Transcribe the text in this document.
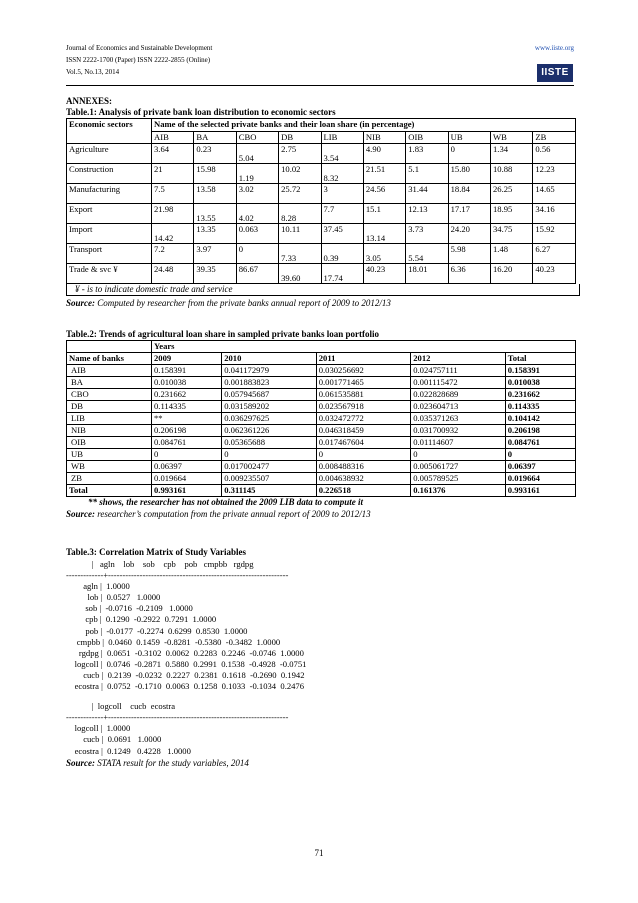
Journal of Economics and Sustainable Development
ISSN 2222-1700 (Paper) ISSN 2222-2855 (Online)
Vol.5, No.13, 2014
www.iiste.org
IISTE
ANNEXES:
Table.1: Analysis of private bank loan distribution to economic sectors
Economic sectors	Name of the selected private banks and their loan share (in percentage)									
	AIB	BA	CBO	DB	LIB	NIB	OIB	UB	WB	ZB
Agriculture	3.64	0.23	5.04	2.75	3.54	4.90	1.83	0	1.34	0.56
Construction	21	15.98	1.19	10.02	8.32	21.51	5.1	15.80	10.88	12.23
Manufacturing	7.5	13.58	3.02	25.72	3	24.56	31.44	18.84	26.25	14.65
Export	21.98	13.55	4.02	8.28	7.7	15.1	12.13	17.17	18.95	34.16
Import	14.42	13.35	0.063	10.11	37.45	13.14	3.73	24.20	34.75	15.92
Transport	7.2	3.97	0	7.33	0.39	3.05	5.54	5.98	1.48	6.27
Trade & svc ¥	24.48	39.35	86.67	39.60	17.74	40.23	18.01	6.36	16.20	40.23
¥ - is to indicate domestic trade and service
Source: Computed by researcher from the private banks annual report of 2009 to 2012/13
Table.2: Trends of agricultural loan share in sampled private banks loan portfolio
	Years				
Name of banks	2009	2010	2011	2012	Total
AIB	0.158391	0.041172979	0.030256692	0.024757111	0.158391
BA	0.010038	0.001883823	0.001771465	0.001115472	0.010038
CBO	0.231662	0.057945687	0.061535881	0.022828689	0.231662
DB	0.114335	0.031589202	0.023567918	0.023604713	0.114335
LIB	**	0.036297625	0.032472772	0.035371263	0.104142
NIB	0.206198	0.062361226	0.046318459	0.031700932	0.206198
OIB	0.084761	0.05365688	0.017467604	0.01114607	0.084761
UB	0	0	0	0	0
WB	0.06397	0.017002477	0.008488316	0.005061727	0.06397
ZB	0.019664	0.009235507	0.004638932	0.005789525	0.019664
Total	0.993161	0.311145	0.226518	0.161376	0.993161
** shows, the researcher has not obtained the 2009 LIB data to compute it
Source: researcher’s computation from the private annual report of 2009 to 2012/13
Table.3: Correlation Matrix of Study Variables
|   agln    lob    sob    cpb    pob   cmpbb   rgdpg
-------------+---------------------------------------------------------------
agln |  1.0000
lob |  0.0527   1.0000
sob |  -0.0716  -0.2109   1.0000
cpb |  0.1290  -0.2922  0.7291  1.0000
pob |  -0.0177  -0.2274  0.6299  0.8530  1.0000
cmpbb |  0.0460  0.1459  -0.8281  -0.5380  -0.3482  1.0000
rgdpg |  0.0651  -0.3102  0.0062  0.2283  0.2246  -0.0746  1.0000
logcoll |  0.0746  -0.2871  0.5880  0.2991  0.1538  -0.4928  -0.0751
cucb |  0.2139  -0.0232  0.2227  0.2381  0.1618  -0.2690  0.1942
ecostra |  0.0752  -0.1710  0.0063  0.1258  0.1033  -0.1034  0.2476
|  logcoll    cucb  ecostra
-------------+---------------------------------------------------------------
logcoll |  1.0000
cucb |  0.0691   1.0000
ecostra |  0.1249   0.4228   1.0000
Source: STATA result for the study variables, 2014
71
